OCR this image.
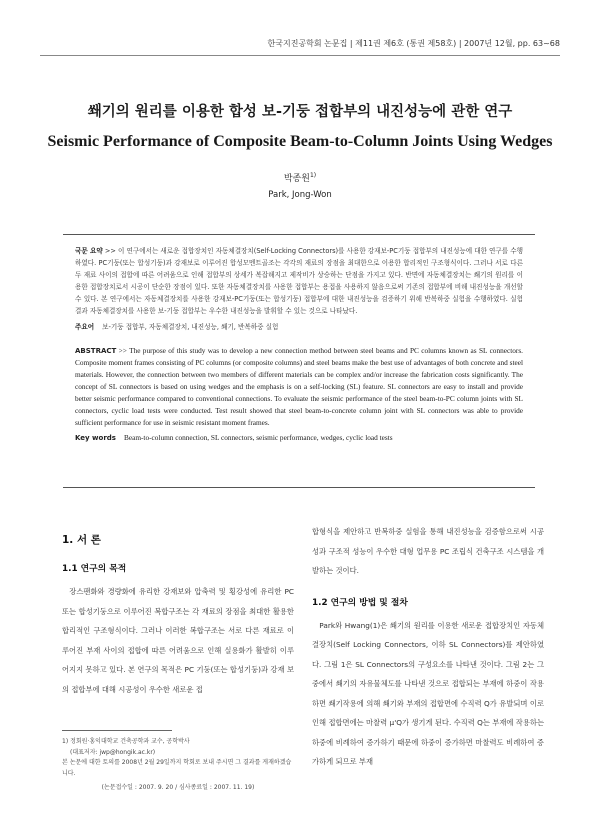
한국지진공학회 논문집 | 제11권 제6호 (통권 제58호) | 2007년 12월, pp. 63~68
쐐기의 원리를 이용한 합성 보-기둥 접합부의 내진성능에 관한 연구
Seismic Performance of Composite Beam-to-Column Joints Using Wedges
박종원$^{1)}$
Park, Jong-Won

국문 요약 >> 이 연구에서는 새로운 접합장치인 자동체결장치(Self-Locking Connectors)를 사용한 강재보-PC기둥 접합부의 내진성능에 대한 연구를 수행하였다. PC기둥(또는 합성기둥)과 강재보로 이루어진 합성모멘트골조는 각각의 재료의 장점을 최대한으로 이용한 합리적인 구조형식이다. 그러나 서로 다른 두 재료 사이의 접합에 따른 어려움으로 인해 접합부의 상세가 복잡해지고 제작비가 상승하는 단점을 가지고 있다. 반면에 자동체결장치는 쐐기의 원리를 이용한 접합장치로서 시공이 단순한 장점이 있다. 또한 자동체결장치를 사용한 접합부는 용접을 사용하지 않음으로써 기존의 접합부에 비해 내진성능을 개선할 수 있다. 본 연구에서는 자동체결장치를 사용한 강재보-PC기둥(또는 합성기둥) 접합부에 대한 내진성능을 검증하기 위해 반복하중 실험을 수행하였다. 실험결과 자동체결장치를 사용한 보-기둥 접합부는 우수한 내진성능을 발휘할 수 있는 것으로 나타났다.

주요어 보-기둥 접합부, 자동체결장치, 내진성능, 쐐기, 반복하중 실험
ABSTRACT >> The purpose of this study was to develop a new connection method between steel beams and PC columns known as SL connectors. Composite moment frames consisting of PC columns (or composite columns) and steel beams make the best use of advantages of both concrete and steel materials. However, the connection between two members of different materials can be complex and/or increase the fabrication costs significantly. The concept of SL connectors is based on using wedges and the emphasis is on a self-locking (SL) feature. SL connectors are easy to install and provide better seismic performance compared to conventional connections. To evaluate the seismic performance of the steel beam-to-PC column joints with SL connectors, cyclic load tests were conducted. Test result showed that steel beam-to-concrete column joint with SL connectors was able to provide sufficient performance for use in seismic resistant moment frames.
Key words Beam-to-column connection, SL connectors, seismic performance, wedges, cyclic load tests
1. 서 론
1.1 연구의 목적

장스팬화와 경량화에 유리한 강재보와 압축력 및 횡강성에 유리한 PC 또는 합성기둥으로 이루어진 복합구조는 각 재료의 장점을 최대한 활용한 합리적인 구조형식이다. 그러나 이러한 복합구조는 서로 다른 재료로 이루어진 부재 사이의 접합에 따른 어려움으로 인해 실용화가 활발히 이루어지지 못하고 있다. 본 연구의 목적은 PC 기둥(또는 합성기둥)과 강재 보의 접합부에 대해 시공성이 우수한 새로운 접

합형식을 제안하고 반복하중 실험을 통해 내진성능을 검증함으로써 시공성과 구조적 성능이 우수한 대형 업무용 PC 조립식 건축구조 시스템을 개발하는 것이다.

1.2 연구의 방법 및 절차

Park와 Hwang(1)은 쐐기의 원리를 이용한 새로운 접합장치인 자동체결장치(Self Locking Connectors, 이하 SL Connectors)를 제안하였다. 그림 1은 SL Connectors의 구성요소를 나타낸 것이다. 그림 2는 그 중에서 쐐기의 자유물체도를 나타낸 것으로 접합되는 부재에 하중이 작용하면 쐐기작용에 의해 쐐기와 부재의 접합면에 수직력 Q가 유발되며 이로 인해 접합면에는 마찰력 μ'Q가 생기게 된다. 수직력 Q는 부재에 작용하는 하중에 비례하여 증가하기 때문에 하중이 증가하면 마찰력도 비례하여 증가하게 되므로 부재

1) 정회원·홍익대학교 건축공학과 교수, 공학박사
(대표저자: jwp@hongik.ac.kr)
본 논문에 대한 토의를 2008년 2월 29일까지 학회로 보내 주시면 그 결과를 게재하겠습니다.
(논문접수일 : 2007. 9. 20 / 심사종료일 : 2007. 11. 19)
